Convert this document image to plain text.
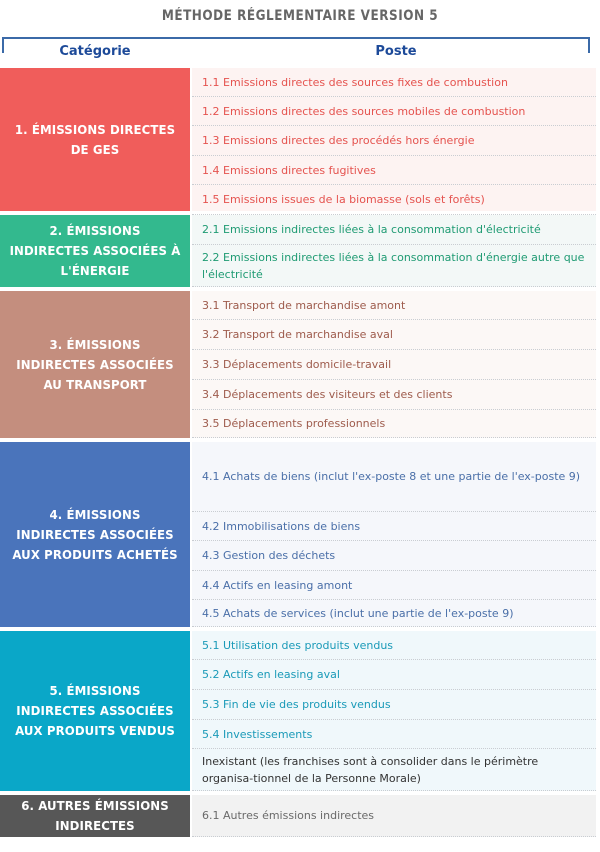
MÉTHODE RÉGLEMENTAIRE VERSION 5
Catégorie	Poste
1. ÉMISSIONS DIRECTES DE GES
1.1 Emissions directes des sources fixes de combustion
1.2 Emissions directes des sources mobiles de combustion
1.3 Emissions directes des procédés hors énergie
1.4 Emissions directes fugitives
1.5 Emissions issues de la biomasse (sols et forêts)
2. ÉMISSIONS INDIRECTES ASSOCIÉES À L'ÉNERGIE
2.1 Emissions indirectes liées à la consommation d'électricité
2.2 Emissions indirectes liées à la consommation d'énergie autre que l'électricité
3. ÉMISSIONS INDIRECTES ASSOCIÉES AU TRANSPORT
3.1 Transport de marchandise amont
3.2 Transport de marchandise aval
3.3 Déplacements domicile-travail
3.4 Déplacements des visiteurs et des clients
3.5 Déplacements professionnels
4. ÉMISSIONS INDIRECTES ASSOCIÉES AUX PRODUITS ACHETÉS
4.1 Achats de biens (inclut l'ex-poste 8 et une partie de l'ex-poste 9)
4.2 Immobilisations de biens
4.3 Gestion des déchets
4.4 Actifs en leasing amont
4.5 Achats de services (inclut une partie de l'ex-poste 9)
5. ÉMISSIONS INDIRECTES ASSOCIÉES AUX PRODUITS VENDUS
5.1 Utilisation des produits vendus
5.2 Actifs en leasing aval
5.3 Fin de vie des produits vendus
5.4 Investissements
Inexistant (les franchises sont à consolider dans le périmètre organisa-tionnel de la Personne Morale)
6. AUTRES ÉMISSIONS INDIRECTES
6.1 Autres émissions indirectes
